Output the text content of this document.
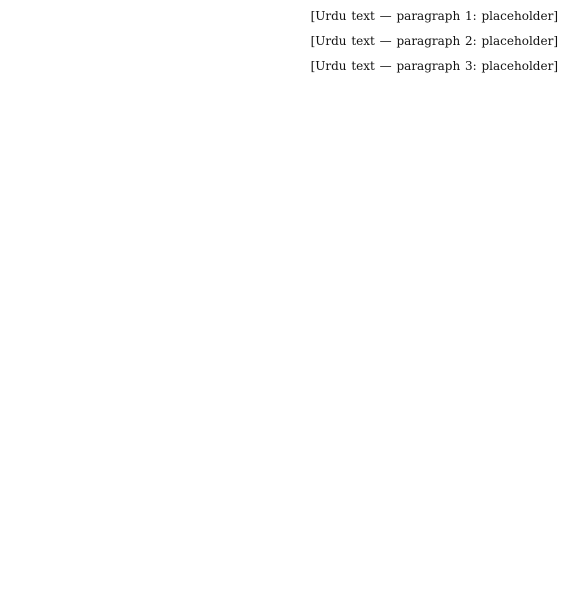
[Urdu text — paragraph 1: placeholder]

[Urdu text — paragraph 2: placeholder]

[Urdu text — paragraph 3: placeholder]
